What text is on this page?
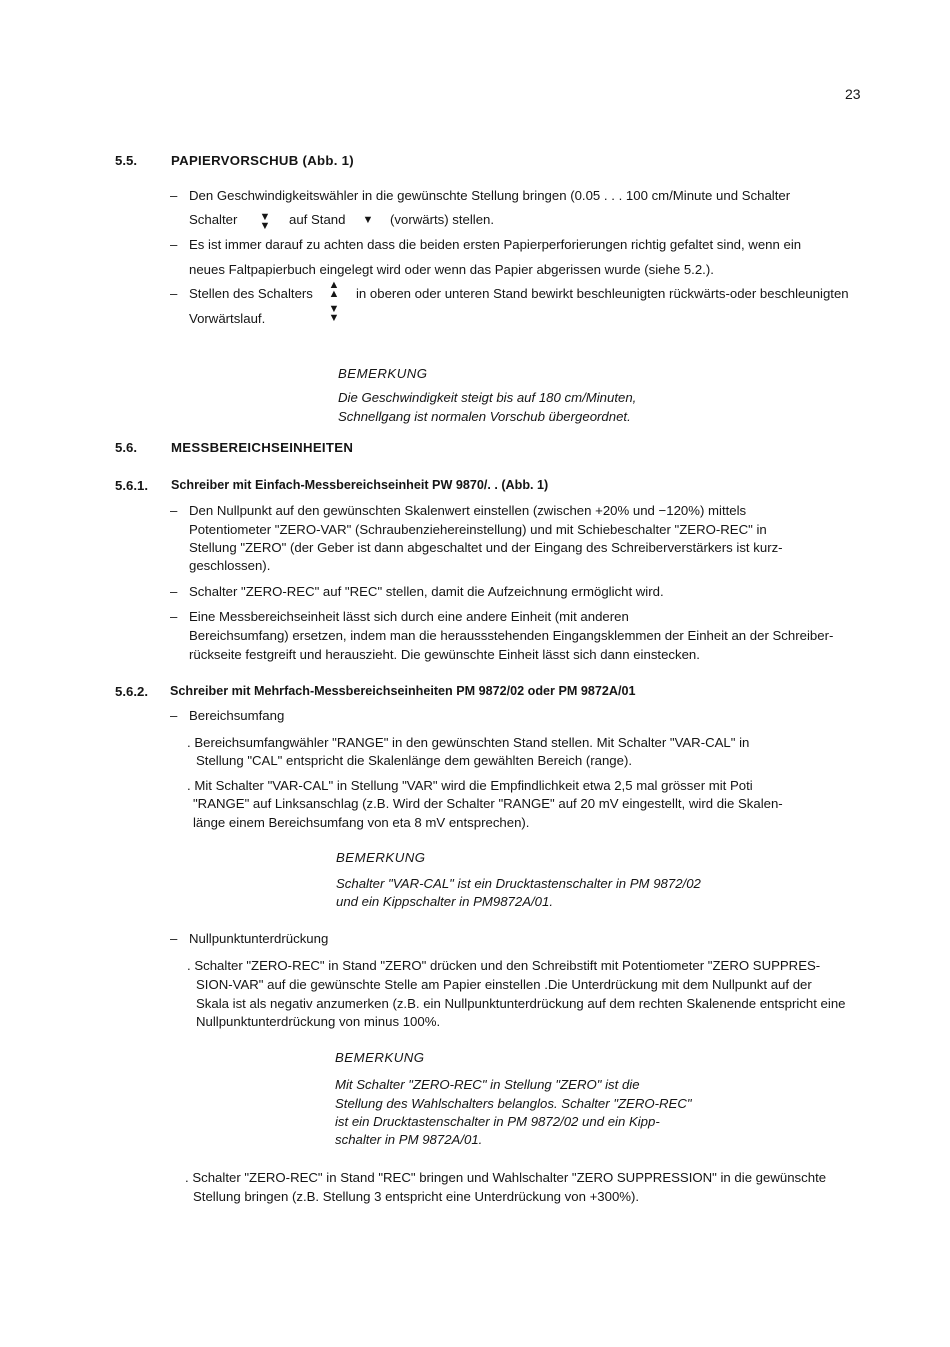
23
5.5.	PAPIERVORSCHUB (Abb. 1)
– Den Geschwindigkeitswähler in die gewünschte Stellung bringen (0.05 . . . 100 cm/Minute und Schalter
Schalter ▼
▼ auf Stand ▼ (vorwärts) stellen.
– Es ist immer darauf zu achten dass die beiden ersten Papierperforierungen richtig gefaltet sind, wenn ein
neues Faltpapierbuch eingelegt wird oder wenn das Papier abgerissen wurde (siehe 5.2.).
– Stellen des Schalters
▲
▲ in oberen oder unteren Stand bewirkt beschleunigten rückwärts-oder beschleunigten
Vorwärtslauf.
▼
▼
BEMERKUNG
Die Geschwindigkeit steigt bis auf 180 cm/Minuten,
Schnellgang ist normalen Vorschub übergeordnet.
5.6.	MESSBEREICHSEINHEITEN
5.6.1. Schreiber mit Einfach-Messbereichseinheit PW 9870/. . (Abb. 1)
– Den Nullpunkt auf den gewünschten Skalenwert einstellen (zwischen +20% und −120%) mittels
Potentiometer "ZERO-VAR" (Schraubenziehereinstellung) und mit Schiebeschalter "ZERO-REC" in
Stellung "ZERO" (der Geber ist dann abgeschaltet und der Eingang des Schreiberverstärkers ist kurz-
geschlossen).
– Schalter "ZERO-REC" auf "REC" stellen, damit die Aufzeichnung ermöglicht wird.
– Eine Messbereichseinheit lässt sich durch eine andere Einheit (mit anderen
Bereichsumfang) ersetzen, indem man die heraussstehenden Eingangsklemmen der Einheit an der Schreiber-
rückseite festgreift und herauszieht. Die gewünschte Einheit lässt sich dann einstecken.
5.6.2. Schreiber mit Mehrfach-Messbereichseinheiten PM 9872/02 oder PM 9872A/01
– Bereichsumfang
. Bereichsumfangwähler "RANGE" in den gewünschten Stand stellen. Mit Schalter "VAR-CAL" in
Stellung "CAL" entspricht die Skalenlänge dem gewählten Bereich (range).
. Mit Schalter "VAR-CAL" in Stellung "VAR" wird die Empfindlichkeit etwa 2,5 mal grösser mit Poti
"RANGE" auf Linksanschlag (z.B. Wird der Schalter "RANGE" auf 20 mV eingestellt, wird die Skalen-
länge einem Bereichsumfang von eta 8 mV entsprechen).
BEMERKUNG
Schalter "VAR-CAL" ist ein Drucktastenschalter in PM 9872/02
und ein Kippschalter in PM9872A/01.
– Nullpunktunterdrückung
. Schalter "ZERO-REC" in Stand "ZERO" drücken und den Schreibstift mit Potentiometer "ZERO SUPPRES-
SION-VAR" auf die gewünschte Stelle am Papier einstellen .Die Unterdrückung mit dem Nullpunkt auf der
Skala ist als negativ anzumerken (z.B. ein Nullpunktunterdrückung auf dem rechten Skalenende entspricht eine
Nullpunktunterdrückung von minus 100%.
BEMERKUNG
Mit Schalter "ZERO-REC" in Stellung "ZERO" ist die
Stellung des Wahlschalters belanglos. Schalter "ZERO-REC"
ist ein Drucktastenschalter in PM 9872/02 und ein Kipp-
schalter in PM 9872A/01.
. Schalter "ZERO-REC" in Stand "REC" bringen und Wahlschalter "ZERO SUPPRESSION" in die gewünschte
Stellung bringen (z.B. Stellung 3 entspricht eine Unterdrückung von +300%).
